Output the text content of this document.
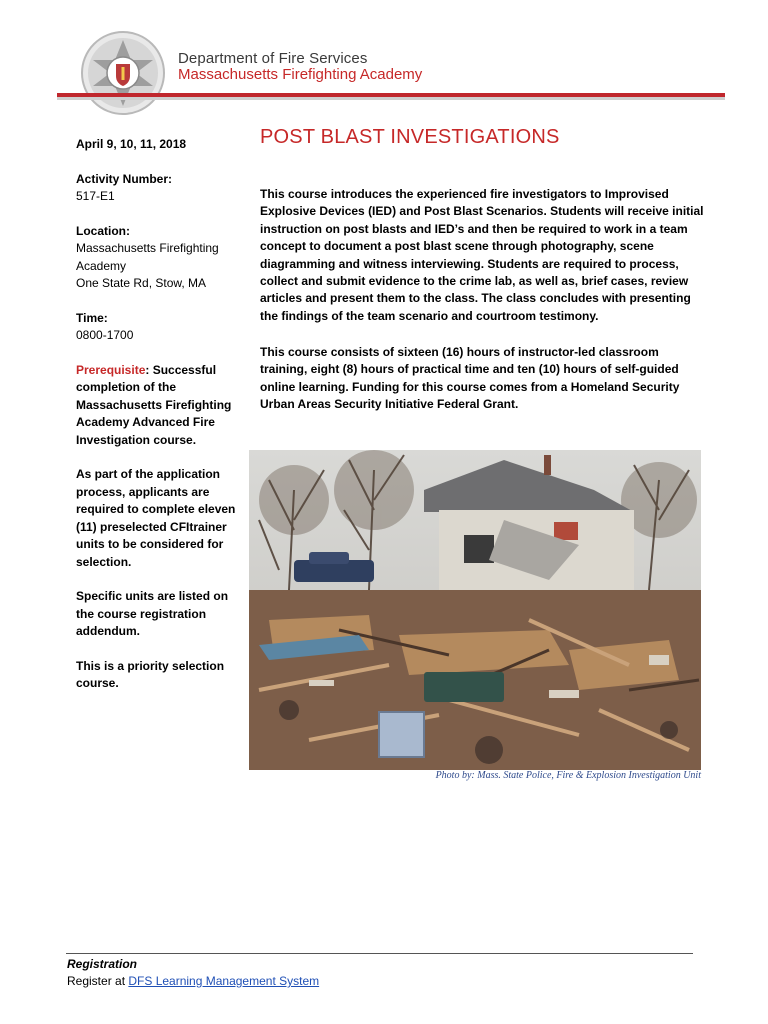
Department of Fire Services
Massachusetts Firefighting Academy
April 9, 10, 11, 2018
Activity Number:
517-E1
Location:
Massachusetts Firefighting
Academy
One State Rd, Stow, MA
Time:
0800-1700
Prerequisite: Successful completion of the Massachusetts Firefighting Academy Advanced Fire Investigation course.
As part of the application process, applicants are required to complete eleven (11) preselected CFItrainer units to be considered for selection.
Specific units are listed on the course registration addendum.
This is a priority selection course.
POST BLAST INVESTIGATIONS
This course introduces the experienced fire investigators to Improvised Explosive Devices (IED) and Post Blast Scenarios. Students will receive initial instruction on post blasts and IED’s and then be required to work in a team concept to document a post blast scene through photography, scene diagramming and witness interviewing. Students are required to process, collect and submit evidence to the crime lab, as well as, brief cases, review articles and present them to the class. The class concludes with presenting the findings of the team scenario and courtroom testimony.
This course consists of sixteen (16) hours of instructor-led classroom training, eight (8) hours of practical time and ten (10) hours of self-guided online learning. Funding for this course comes from a Homeland Security Urban Areas Security Initiative Federal Grant.
Photo by: Mass. State Police, Fire & Explosion Investigation Unit
Registration
Register at DFS Learning Management System
